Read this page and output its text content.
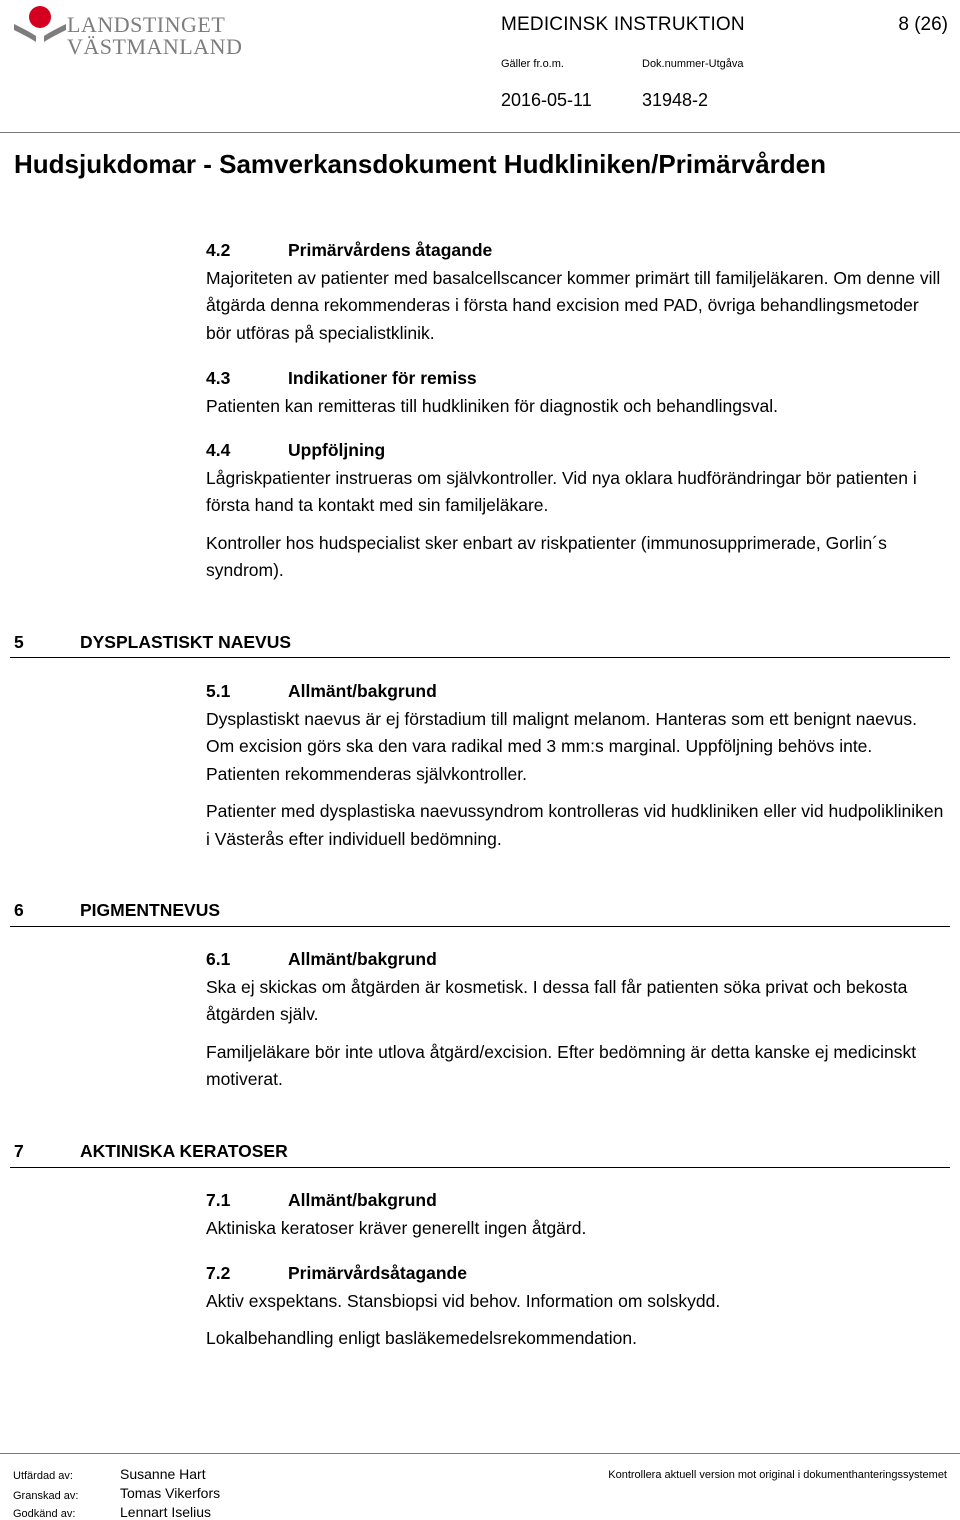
LANDSTINGET
VÄSTMANLAND
MEDICINSK INSTRUKTION	8 (26)
Gäller fr.o.m.	Dok.nummer-Utgåva
2016-05-11	31948-2
Hudsjukdomar - Samverkansdokument Hudkliniken/Primärvården
4.2	Primärvårdens åtagande

Majoriteten av patienter med basalcellscancer kommer primärt till familjeläkaren. Om denne vill åtgärda denna rekommenderas i första hand excision med PAD, övriga behandlingsmetoder bör utföras på specialistklinik.

4.3	Indikationer för remiss

Patienten kan remitteras till hudkliniken för diagnostik och behandlingsval.

4.4	Uppföljning

Lågriskpatienter instrueras om självkontroller. Vid nya oklara hudförändringar bör patienten i första hand ta kontakt med sin familjeläkare.

Kontroller hos hudspecialist sker enbart av riskpatienter (immunosupprimerade, Gorlin´s syndrom).

5	DYSPLASTISKT NAEVUS
5.1	Allmänt/bakgrund

Dysplastiskt naevus är ej förstadium till malignt melanom. Hanteras som ett benignt naevus. Om excision görs ska den vara radikal med 3 mm:s marginal. Uppföljning behövs inte. Patienten rekommenderas självkontroller.

Patienter med dysplastiska naevussyndrom kontrolleras vid hudkliniken eller vid hudpolikliniken i Västerås efter individuell bedömning.

6	PIGMENTNEVUS
6.1	Allmänt/bakgrund

Ska ej skickas om åtgärden är kosmetisk. I dessa fall får patienten söka privat och bekosta åtgärden själv.

Familjeläkare bör inte utlova åtgärd/excision. Efter bedömning är detta kanske ej medicinskt motiverat.

7	AKTINISKA KERATOSER
7.1	Allmänt/bakgrund

Aktiniska keratoser kräver generellt ingen åtgärd.

7.2	Primärvårdsåtagande

Aktiv exspektans. Stansbiopsi vid behov. Information om solskydd.

Lokalbehandling enligt basläkemedelsrekommendation.

Utfärdad av:	Susanne Hart
Granskad av:	Tomas Vikerfors
Godkänd av:	Lennart Iselius
Kontrollera aktuell version mot original i dokumenthanteringssystemet
